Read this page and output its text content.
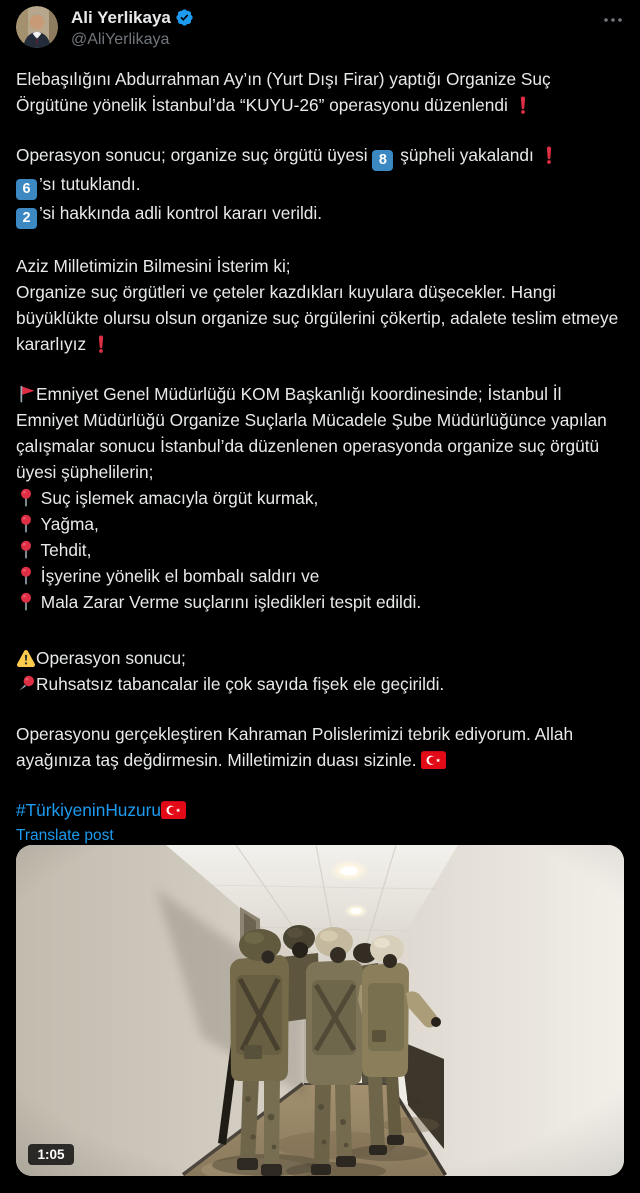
Ali Yerlikaya
@AliYerlikaya

Elebaşılığını Abdurrahman Ay’ın (Yurt Dışı Firar) yaptığı Organize Suç Örgütüne yönelik İstanbul’da “KUYU-26” operasyonu düzenlendi

Operasyon sonucu; organize suç örgütü üyesi 8 şüpheli yakalandı

6 ’sı tutuklandı.
2 ’si hakkında adli kontrol kararı verildi.

Aziz Milletimizin Bilmesini İsterim ki;
Organize suç örgütleri ve çeteler kazdıkları kuyulara düşecekler. Hangi büyüklükte olursu olsun organize suç örgülerini çökertip, adalete teslim etmeye kararlıyız

Emniyet Genel Müdürlüğü KOM Başkanlığı koordinesinde; İstanbul İl Emniyet Müdürlüğü Organize Suçlarla Mücadele Şube Müdürlüğünce yapılan çalışmalar sonucu İstanbul’da düzenlenen operasyonda organize suç örgütü üyesi şüphelilerin;

Suç işlemek amacıyla örgüt kurmak,

Yağma,

Tehdit,

İşyerine yönelik el bombalı saldırı ve

Mala Zarar Verme suçlarını işledikleri tespit edildi.

Operasyon sonucu;

Ruhsatsız tabancalar ile çok sayıda fişek ele geçirildi.

Operasyonu gerçekleştiren Kahraman Polislerimizi tebrik ediyorum. Allah ayağınıza taş değdirmesin. Milletimizin duası sizinle.

#TürkiyeninHuzuru

Translate post
1:05
